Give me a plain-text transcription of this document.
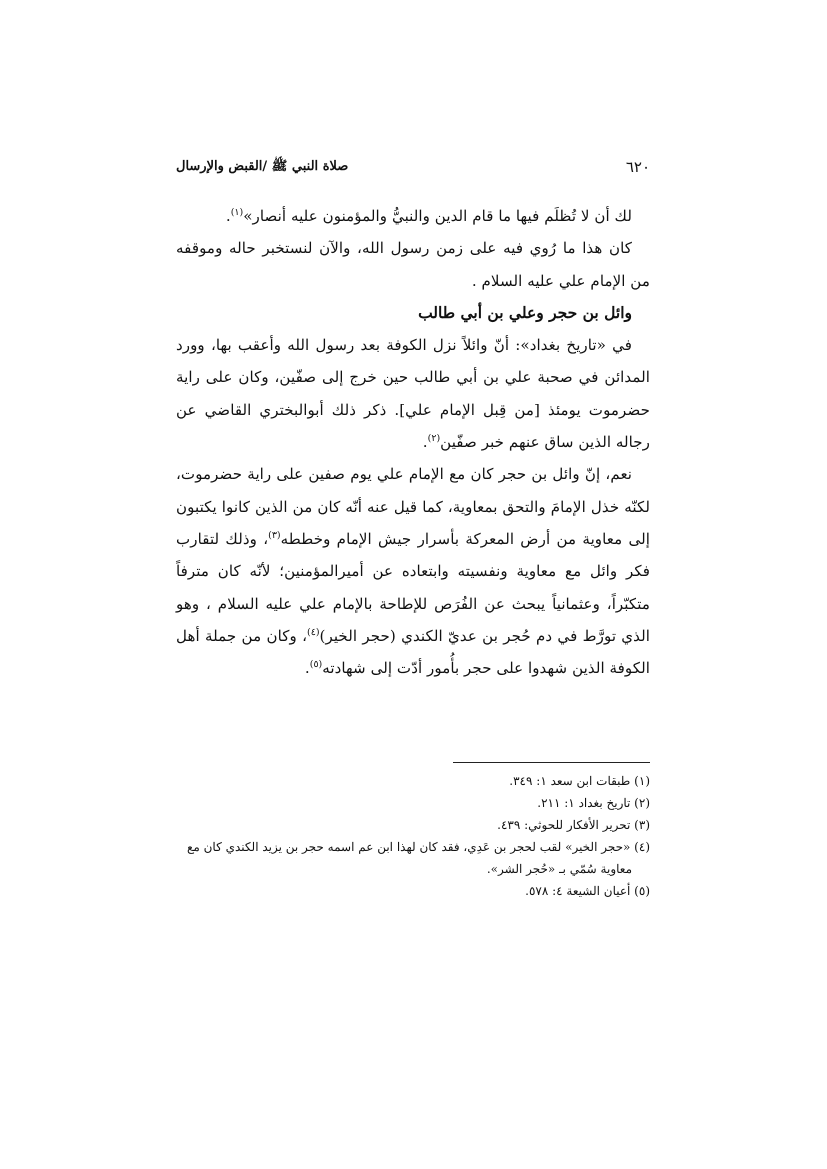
٦٢٠
صلاة النبي ﷺ /القبض والإرسال

لك أن لا تُظلَم فيها ما قام الدين والنبيُّ والمؤمنون عليه أنصار»$^{(١)}$.

كان هذا ما رُوي فيه على زمن رسول الله، والآن لنستخبر حاله وموقفه من الإمام علي عليه السلام .

وائل بن حجر وعلي بن أبي طالب

في «تاريخ بغداد»: أنّ وائلاً نزل الكوفة بعد رسول الله وأعقب بها، وورد المدائن في صحبة علي بن أبي طالب حين خرج إلى صفّين، وكان على راية حضرموت يومئذ [من قِبل الإمام علي]. ذكر ذلك أبوالبختري القاضي عن رجاله الذين ساق عنهم خبر صفّين$^{(٢)}$.

نعم، إنّ وائل بن حجر كان مع الإمام علي يوم صفين على راية حضرموت، لكنّه خذل الإمامَ والتحق بمعاوية، كما قيل عنه أنّه كان من الذين كانوا يكتبون إلى معاوية من أرض المعركة بأسرار جيش الإمام وخططه$^{(٣)}$، وذلك لتقارب فكر وائل مع معاوية ونفسيته وابتعاده عن أميرالمؤمنين؛ لأنّه كان مترفاً متكبّراً، وعثمانياً يبحث عن الفُرَص للإطاحة بالإمام علي عليه السلام ، وهو الذي تورَّط في دم حُجر بن عديّ الكندي (حجر الخير)$^{(٤)}$، وكان من جملة أهل الكوفة الذين شهدوا على حجر بأُمور أدّت إلى شهادته$^{(٥)}$.

(١) طبقات ابن سعد ١: ٣٤٩.
(٢) تاريخ بغداد ١: ٢١١.
(٣) تحرير الأفكار للحوثي: ٤٣٩.
(٤) «حجر الخير» لقب لحجر بن عَدِي، فقد كان لهذا ابن عم اسمه حجر بن يزيد الكندي كان مع
معاوية سُمّي بـ «حُجر الشر».
(٥) أعيان الشيعة ٤: ٥٧٨.
